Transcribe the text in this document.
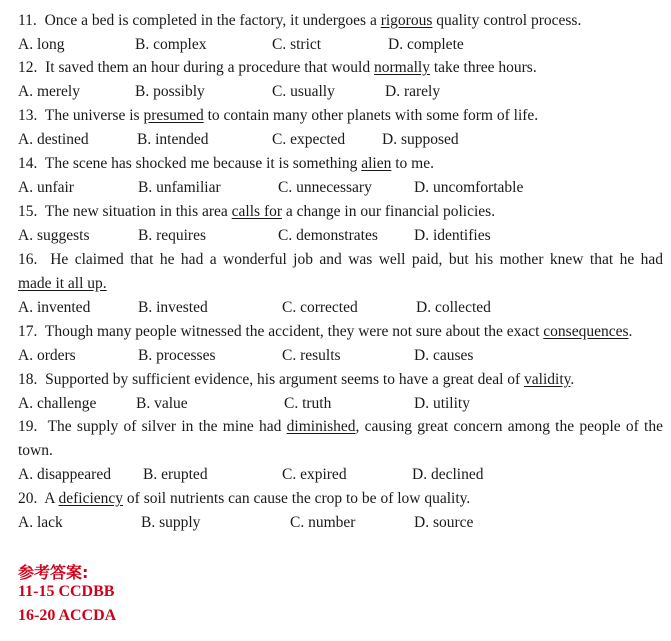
11. Once a bed is completed in the factory, it undergoes a rigorous quality control process.
A. long	B. complex	C. strict	D. complete
12. It saved them an hour during a procedure that would normally take three hours.
A. merely	B. possibly	C. usually	D. rarely
13. The universe is presumed to contain many other planets with some form of life.
A. destined	B. intended	C. expected D. supposed
14. The scene has shocked me because it is something alien to me.
A. unfair	B. unfamiliar	C. unnecessary	D. uncomfortable
15. The new situation in this area calls for a change in our financial policies.
A. suggests	B. requires	C. demonstrates D. identifies
16. He claimed that he had a wonderful job and was well paid, but his mother knew that he had
made it all up.
A. invented	B. invested	C. corrected	D. collected
17. Though many people witnessed the accident, they were not sure about the exact consequences.
A. orders	B. processes	C. results	D. causes
18. Supported by sufficient evidence, his argument seems to have a great deal of validity.
A. challenge	B. value	C. truth	D. utility
19. The supply of silver in the mine had diminished, causing great concern among the people of the
town.
A. disappeared B. erupted	C. expired	D. declined
20. A deficiency of soil nutrients can cause the crop to be of low quality.
A. lack	B. supply	C. number	D. source
参考答案:
11-15 CCDBB
16-20 ACCDA
